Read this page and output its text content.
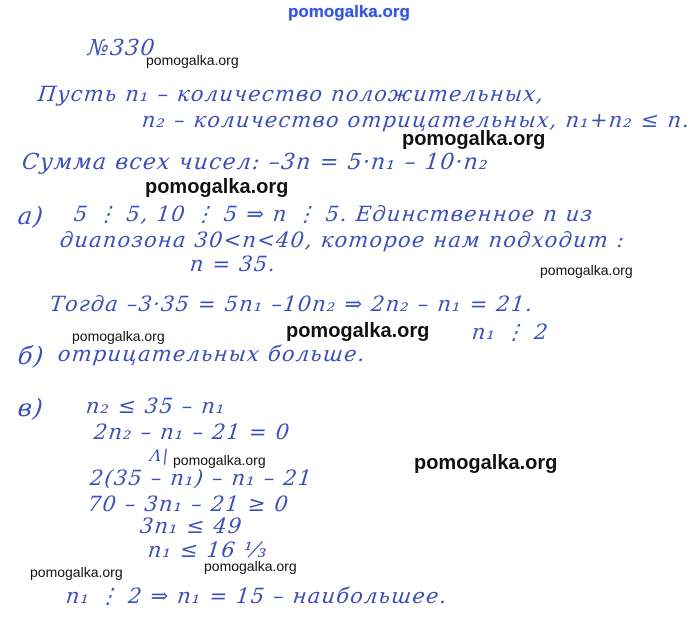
pomogalka.org
№330
pomogalka.org
Пусть n₁ – количество положительных,
n₂ – количество отрицательных, n₁+n₂ ≤ n.
pomogalka.org
Сумма всех чисел: –3n = 5·n₁ – 10·n₂
pomogalka.org
а) 5 ⋮ 5, 10 ⋮ 5 ⇒ n ⋮ 5. Единственное n из
диапозона 30<n<40, которое нам подходит :
n = 35.	pomogalka.org
Тогда –3·35 = 5n₁ –10n₂ ⇒ 2n₂ – n₁ = 21.
pomogalka.org	pomogalka.org n₁ ⋮ 2
б) отрицательных больше.
в) n₂ ≤ 35 – n₁
2n₂ – n₁ – 21 = 0
Λ| pomogalka.org	pomogalka.org
2(35 – n₁) – n₁ – 21
70 – 3n₁ – 21 ≥ 0
3n₁ ≤ 49
n₁ ≤ 16 ¹⁄₃
pomogalka.org
pomogalka.org
n₁ ⋮ 2 ⇒ n₁ = 15 – наибольшее.
